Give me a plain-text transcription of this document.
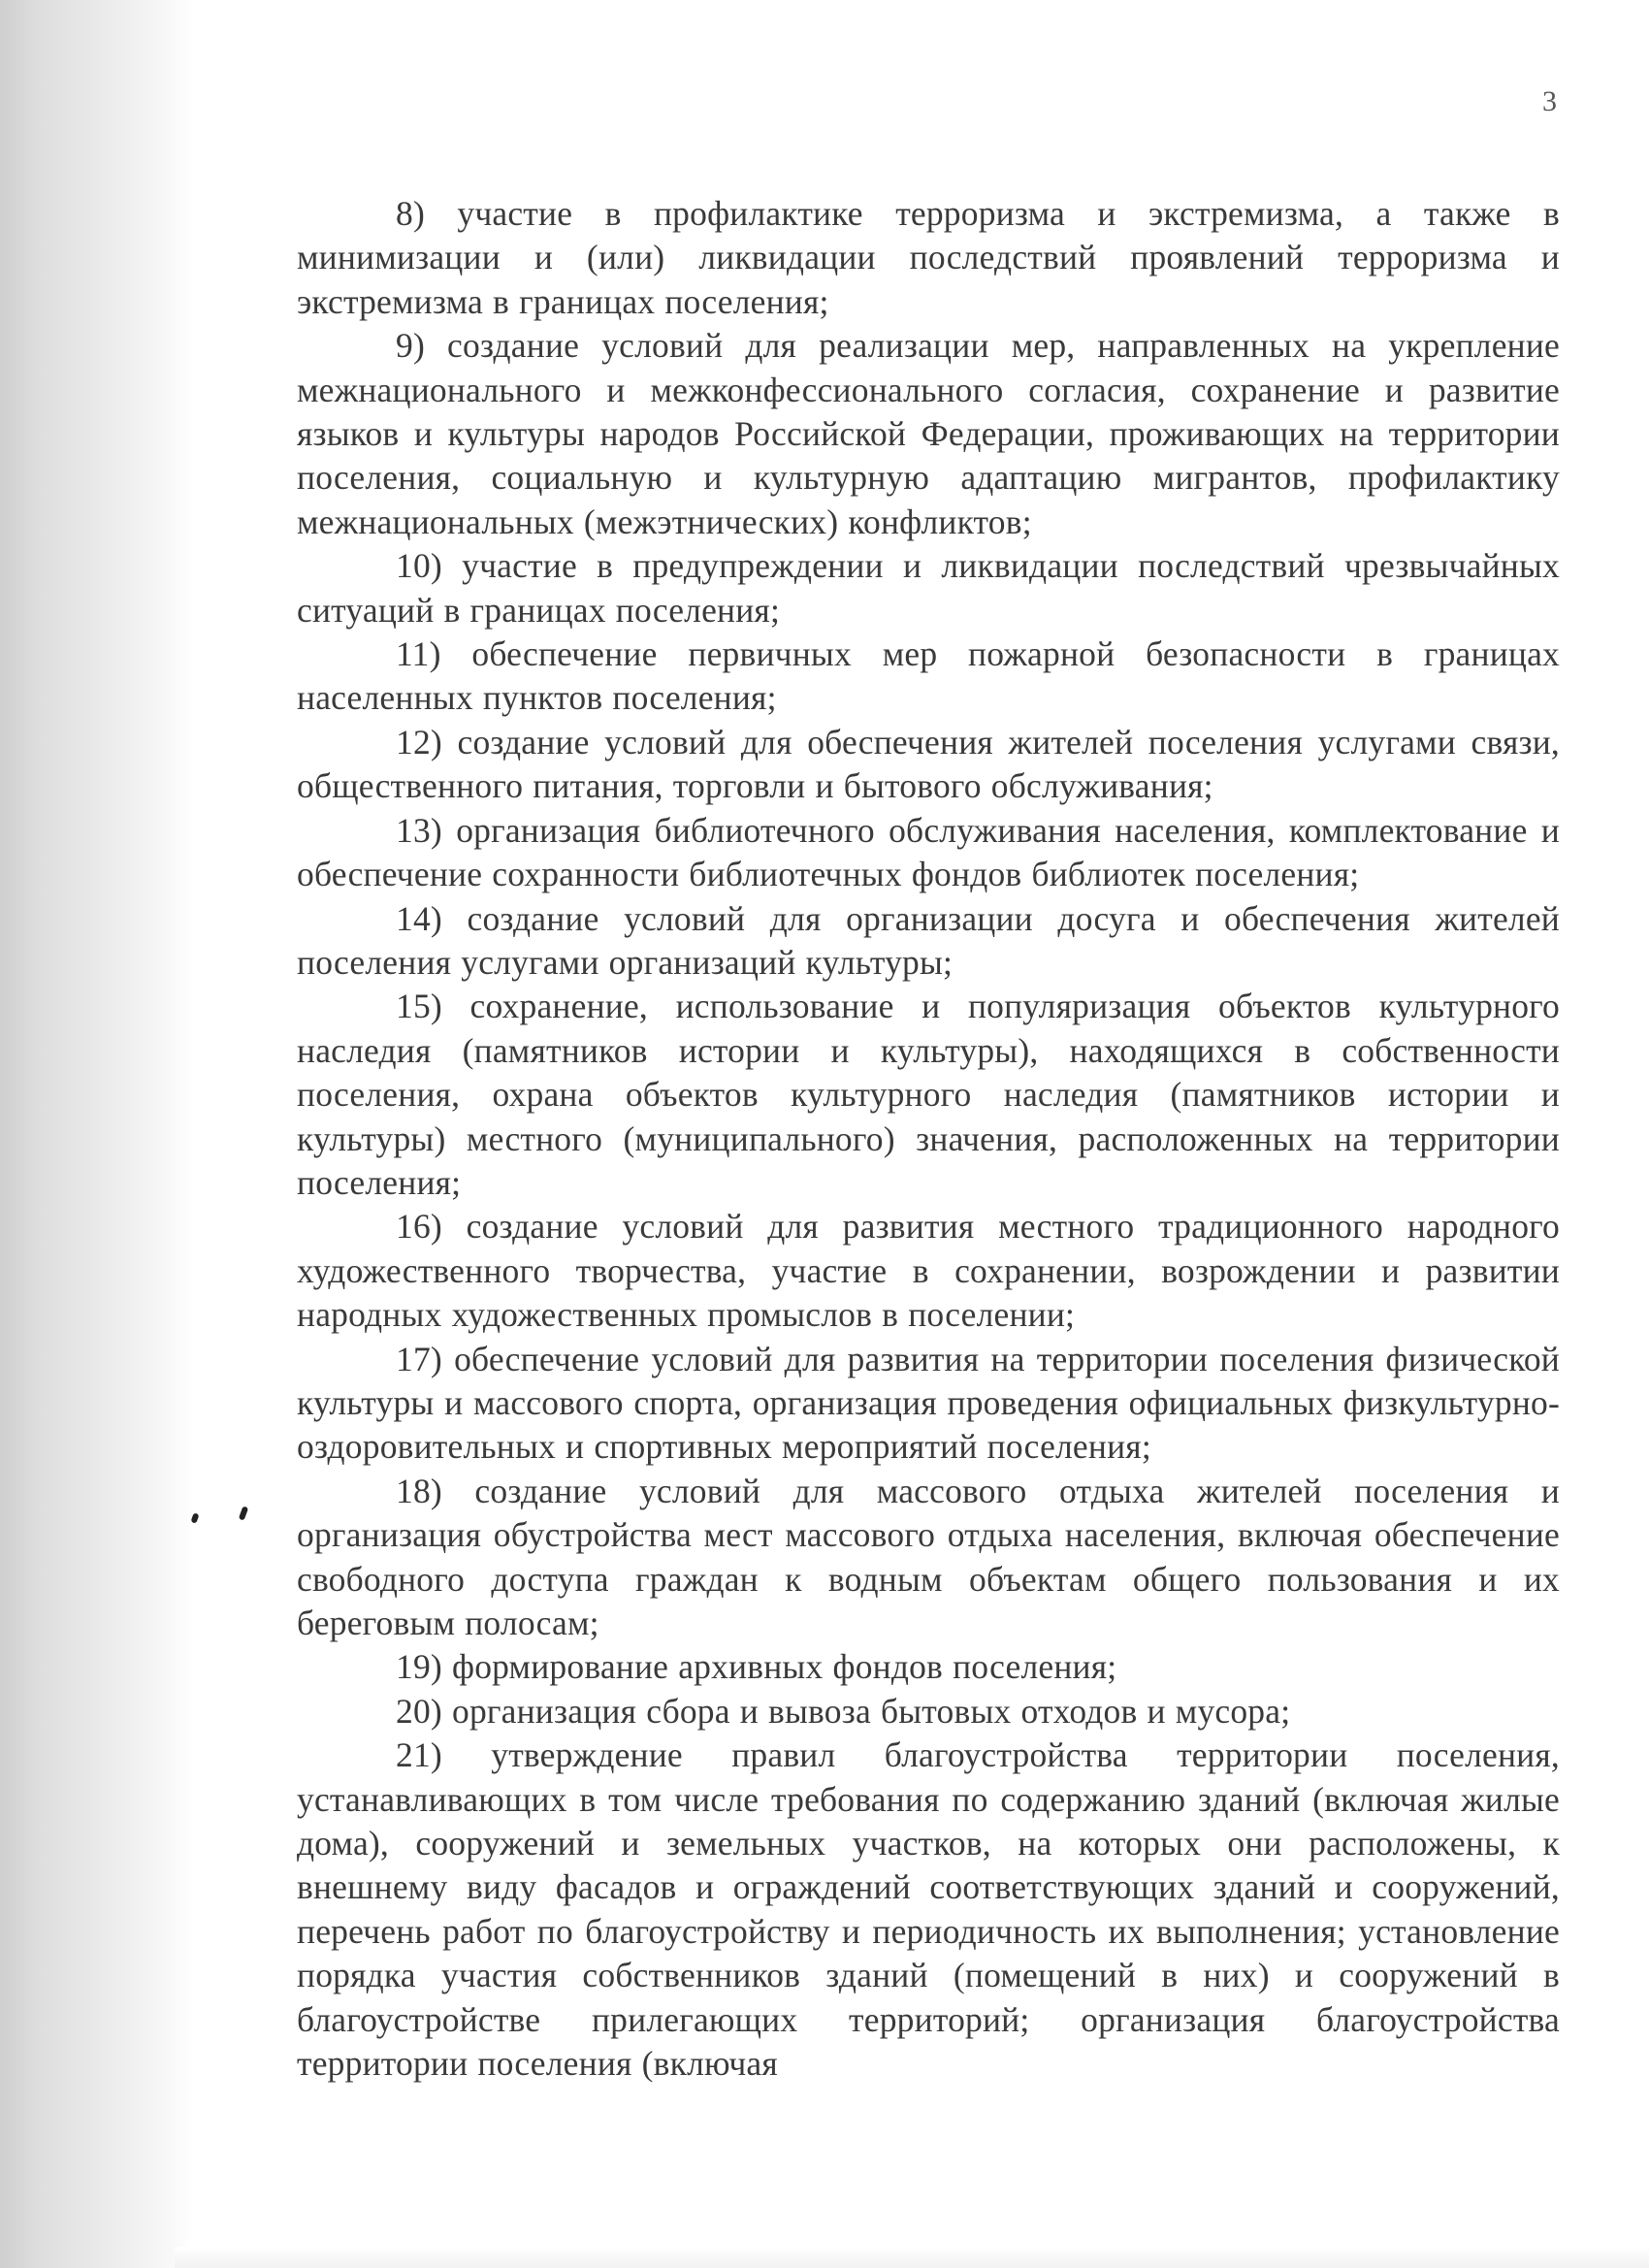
3

8) участие в профилактике терроризма и экстремизма, а также в минимизации и (или) ликвидации последствий проявлений терроризма и экстремизма в границах поселения;

9) создание условий для реализации мер, направленных на укрепление межнационального и межконфессионального согласия, сохранение и развитие языков и культуры народов Российской Федерации, проживающих на территории поселения, социальную и культурную адаптацию мигрантов, профилактику межнациональных (межэтнических) конфликтов;

10) участие в предупреждении и ликвидации последствий чрезвычайных ситуаций в границах поселения;

11) обеспечение первичных мер пожарной безопасности в границах населенных пунктов поселения;

12) создание условий для обеспечения жителей поселения услугами связи, общественного питания, торговли и бытового обслуживания;

13) организация библиотечного обслуживания населения, комплектование и обеспечение сохранности библиотечных фондов библиотек поселения;

14) создание условий для организации досуга и обеспечения жителей поселения услугами организаций культуры;

15) сохранение, использование и популяризация объектов культурного наследия (памятников истории и культуры), находящихся в собственности поселения, охрана объектов культурного наследия (памятников истории и культуры) местного (муниципального) значения, расположенных на территории поселения;

16) создание условий для развития местного традиционного народного художественного творчества, участие в сохранении, возрождении и развитии народных художественных промыслов в поселении;

17) обеспечение условий для развития на территории поселения физической культуры и массового спорта, организация проведения официальных физкультурно-оздоровительных и спортивных мероприятий поселения;

18) создание условий для массового отдыха жителей поселения и организация обустройства мест массового отдыха населения, включая обеспечение свободного доступа граждан к водным объектам общего пользования и их береговым полосам;

19) формирование архивных фондов поселения;

20) организация сбора и вывоза бытовых отходов и мусора;

21) утверждение правил благоустройства территории поселения, устанавливающих в том числе требования по содержанию зданий (включая жилые дома), сооружений и земельных участков, на которых они расположены, к внешнему виду фасадов и ограждений соответствующих зданий и сооружений, перечень работ по благоустройству и периодичность их выполнения; установление порядка участия собственников зданий (помещений в них) и сооружений в благоустройстве прилегающих территорий; организация благоустройства территории поселения (включая
